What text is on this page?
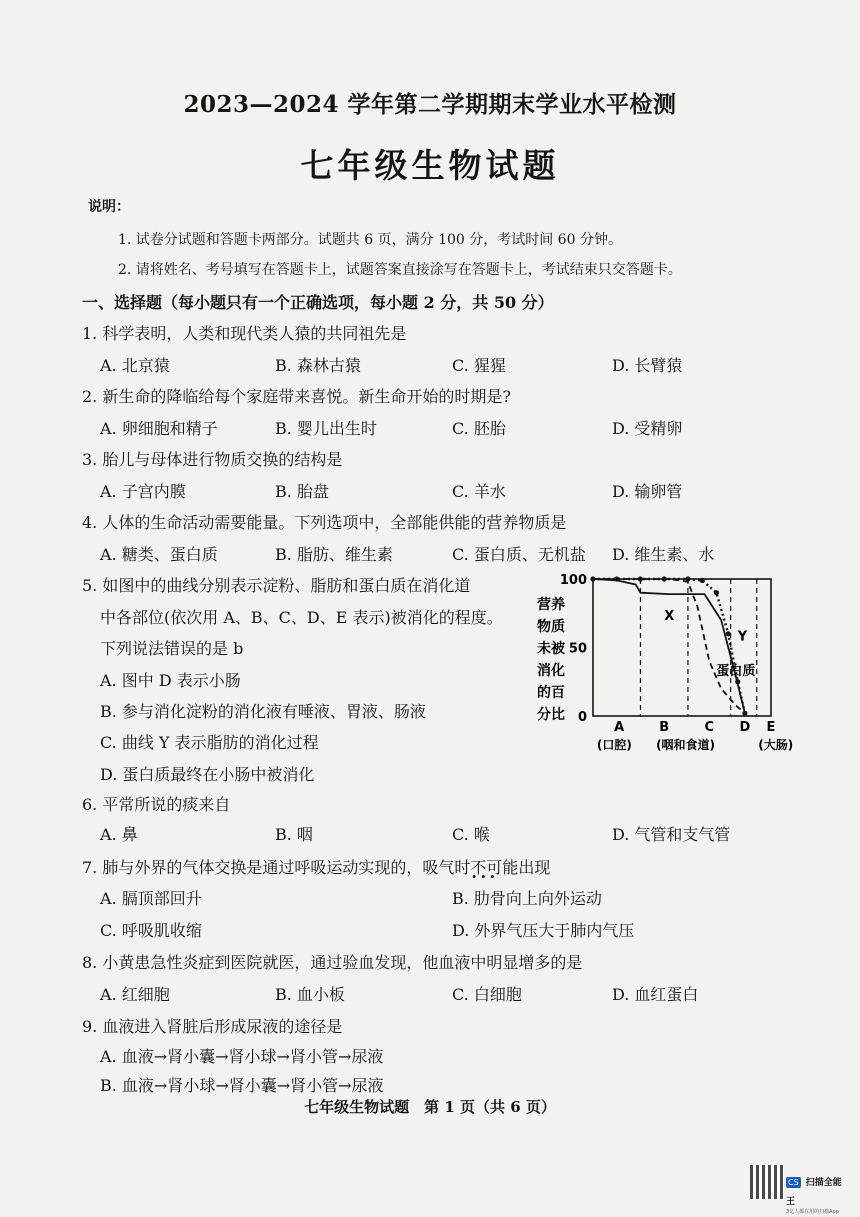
2023—2024 学年第二学期期末学业水平检测
七年级生物试题
说明：
1. 试卷分试题和答题卡两部分。试题共 6 页，满分 100 分，考试时间 60 分钟。
2. 请将姓名、考号填写在答题卡上，试题答案直接涂写在答题卡上，考试结束只交答题卡。
一、选择题（每小题只有一个正确选项，每小题 2 分，共 50 分）
1. 科学表明，人类和现代类人猿的共同祖先是
A. 北京猿	B. 森林古猿	C. 猩猩	D. 长臂猿
2. 新生命的降临给每个家庭带来喜悦。新生命开始的时期是?
A. 卵细胞和精子	B. 婴儿出生时	C. 胚胎	D. 受精卵
3. 胎儿与母体进行物质交换的结构是
A. 子宫内膜	B. 胎盘	C. 羊水	D. 输卵管
4. 人体的生命活动需要能量。下列选项中，全部能供能的营养物质是
A. 糖类、蛋白质	B. 脂肪、维生素	C. 蛋白质、无机盐 D. 维生素、水
5. 如图中的曲线分别表示淀粉、脂肪和蛋白质在消化道
中各部位(依次用 A、B、C、D、E 表示)被消化的程度。
下列说法错误的是 b
A. 图中 D 表示小肠
B. 参与消化淀粉的消化液有唾液、胃液、肠液
C. 曲线 Y 表示脂肪的消化过程
D. 蛋白质最终在小肠中被消化
营养
物质
未被
消化
的百
分比
100
50
0
X
蛋白质
Y
A	B	C D E
(口腔) (咽和食道)	(大肠)
6. 平常所说的痰来自
A. 鼻	B. 咽	C. 喉	D. 气管和支气管
7. 肺与外界的气体交换是通过呼吸运动实现的，吸气时不可能 · ·出现
A. 膈顶部回升	B. 肋骨向上向外运动
C. 呼吸肌收缩	D. 外界气压大于肺内气压
8. 小黄患急性炎症到医院就医，通过验血发现，他血液中明显增多的是
A. 红细胞	B. 血小板	C. 白细胞	D. 血红蛋白
9. 血液进入肾脏后形成尿液的途径是
A. 血液→肾小囊→肾小球→肾小管→尿液
B. 血液→肾小球→肾小囊→肾小管→尿液
七年级生物试题　第 1 页（共 6 页）
CS 扫描全能王
3亿人都在用的扫描App
